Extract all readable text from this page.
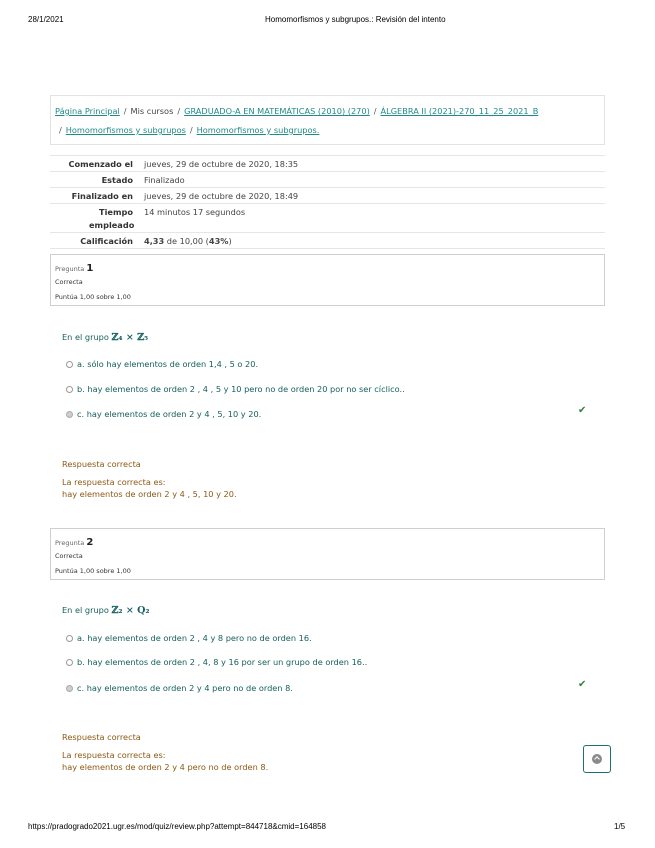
28/1/2021	Homomorfismos y subgrupos.: Revisión del intento
Página Principal / Mis cursos / GRADUADO-A EN MATEMÁTICAS (2010) (270) / ÁLGEBRA II (2021)-270_11_25_2021_B
/ Homomorfismos y subgrupos / Homomorfismos y subgrupos.
Comenzado el jueves, 29 de octubre de 2020, 18:35
Estado Finalizado
Finalizado en jueves, 29 de octubre de 2020, 18:49
Tiempo empleado
14 minutos 17 segundos
Calificación 4,33 de 10,00 (43%)
Pregunta 1
Correcta
Puntúa 1,00 sobre 1,00
En el grupo ℤ₄ × ℤ₅
a. sólo hay elementos de orden 1,4 , 5 o 20.
b. hay elementos de orden 2 , 4 , 5 y 10 pero no de orden 20 por no ser cíclico..
c. hay elementos de orden 2 y 4 , 5, 10 y 20.	✔
Respuesta correcta
La respuesta correcta es:
hay elementos de orden 2 y 4 , 5, 10 y 20.
Pregunta 2
Correcta
Puntúa 1,00 sobre 1,00
En el grupo ℤ₂ × Q₂
a. hay elementos de orden 2 , 4 y 8 pero no de orden 16.
b. hay elementos de orden 2 , 4, 8 y 16 por ser un grupo de orden 16..
c. hay elementos de orden 2 y 4 pero no de orden 8.	✔
Respuesta correcta
La respuesta correcta es:
hay elementos de orden 2 y 4 pero no de orden 8.
https://pradogrado2021.ugr.es/mod/quiz/review.php?attempt=844718&cmid=164858	1/5
